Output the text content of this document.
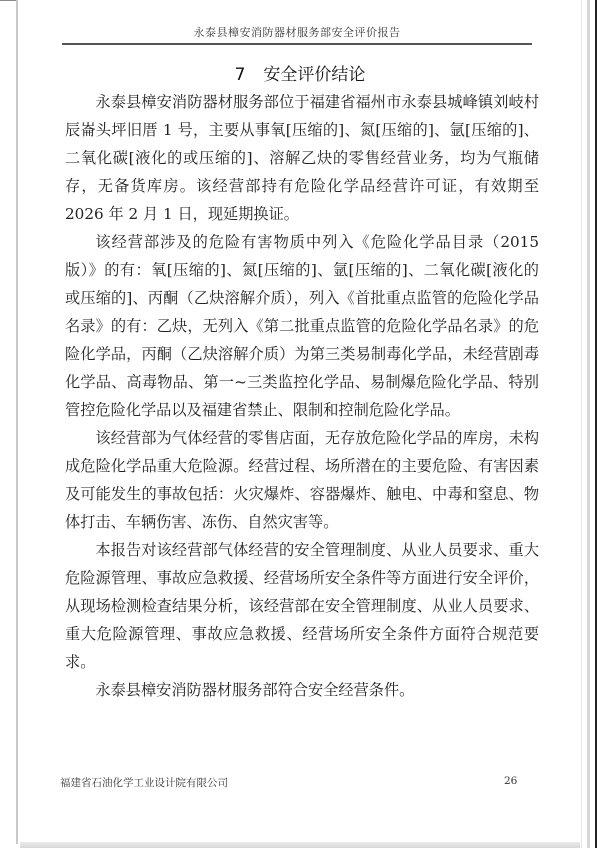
永泰县樟安消防器材服务部安全评价报告
7 安全评价结论

永泰县樟安消防器材服务部位于福建省福州市永泰县城峰镇刘岐村辰崙头坪旧厝 1 号，主要从事氧[压缩的]、氮[压缩的]、氩[压缩的]、二氧化碳[液化的或压缩的]、溶解乙炔的零售经营业务，均为气瓶储存，无备货库房。该经营部持有危险化学品经营许可证，有效期至 2026 年 2 月 1 日，现延期换证。

该经营部涉及的危险有害物质中列入《危险化学品目录（2015 版）》的有：氧[压缩的]、氮[压缩的]、氩[压缩的]、二氧化碳[液化的或压缩的]、丙酮（乙炔溶解介质），列入《首批重点监管的危险化学品名录》的有：乙炔，无列入《第二批重点监管的危险化学品名录》的危险化学品，丙酮（乙炔溶解介质）为第三类易制毒化学品，未经营剧毒化学品、高毒物品、第一~三类监控化学品、易制爆危险化学品、特别管控危险化学品以及福建省禁止、限制和控制危险化学品。

该经营部为气体经营的零售店面，无存放危险化学品的库房，未构成危险化学品重大危险源。经营过程、场所潜在的主要危险、有害因素及可能发生的事故包括：火灾爆炸、容器爆炸、触电、中毒和窒息、物体打击、车辆伤害、冻伤、自然灾害等。

本报告对该经营部气体经营的安全管理制度、从业人员要求、重大危险源管理、事故应急救援、经营场所安全条件等方面进行安全评价，从现场检测检查结果分析，该经营部在安全管理制度、从业人员要求、重大危险源管理、事故应急救援、经营场所安全条件方面符合规范要求。

永泰县樟安消防器材服务部符合安全经营条件。

福建省石油化学工业设计院有限公司	26
